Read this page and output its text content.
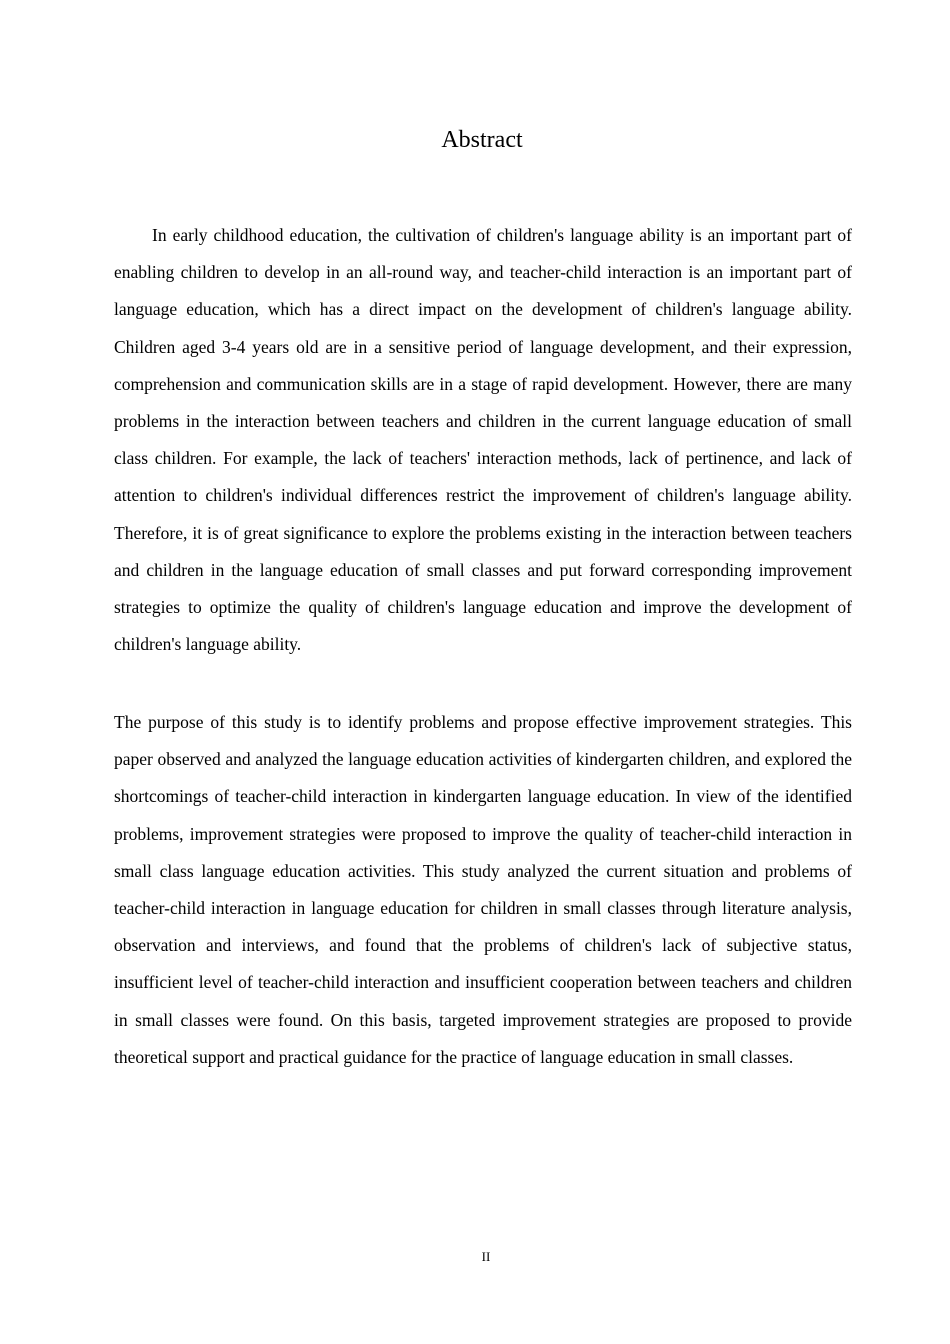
Abstract

In early childhood education, the cultivation of children's language ability is an important part of enabling children to develop in an all-round way, and teacher-child interaction is an important part of language education, which has a direct impact on the development of children's language ability. Children aged 3-4 years old are in a sensitive period of language development, and their expression, comprehension and communication skills are in a stage of rapid development. However, there are many problems in the interaction between teachers and children in the current language education of small class children. For example, the lack of teachers' interaction methods, lack of pertinence, and lack of attention to children's individual differences restrict the improvement of children's language ability. Therefore, it is of great significance to explore the problems existing in the interaction between teachers and children in the language education of small classes and put forward corresponding improvement strategies to optimize the quality of children's language education and improve the development of children's language ability.

The purpose of this study is to identify problems and propose effective improvement strategies. This paper observed and analyzed the language education activities of kindergarten children, and explored the shortcomings of teacher-child interaction in kindergarten language education. In view of the identified problems, improvement strategies were proposed to improve the quality of teacher-child interaction in small class language education activities. This study analyzed the current situation and problems of teacher-child interaction in language education for children in small classes through literature analysis, observation and interviews, and found that the problems of children's lack of subjective status, insufficient level of teacher-child interaction and insufficient cooperation between teachers and children in small classes were found. On this basis, targeted improvement strategies are proposed to provide theoretical support and practical guidance for the practice of language education in small classes.

II
